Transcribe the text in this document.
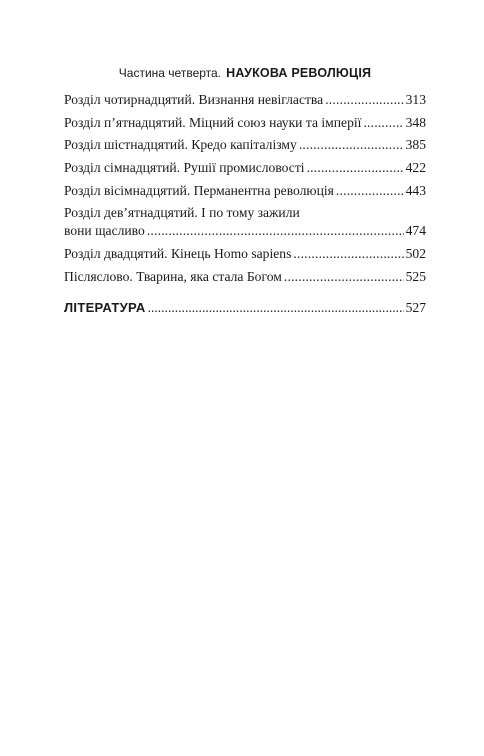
Частина четверта. НАУКОВА РЕВОЛЮЦІЯ
Розділ чотирнадцятий. Визнання невігластва .....	313
Розділ п’ятнадцятий. Міцний союз науки та імперії .....	348
Розділ шістнадцятий. Кредо капіталізму .....	385
Розділ сімнадцятий. Рушії промисловості .....	422
Розділ вісімнадцятий. Перманентна революція .....	443
Розділ дев’ятнадцятий. І по тому зажили
вони щасливо .....	474
Розділ двадцятий. Кінець Homo sapiens .....	502
Післяслово. Тварина, яка стала Богом .....	525
ЛІТЕРАТУРА .....	527
